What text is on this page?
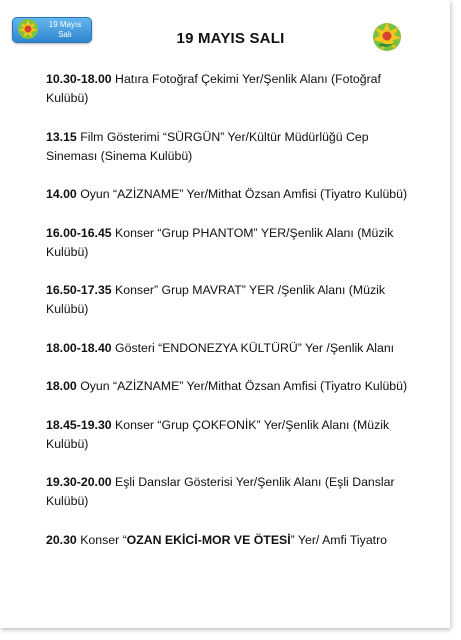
19 Mayıs
Salı	19 MAYIS SALI
10.30-18.00 Hatıra Fotoğraf Çekimi Yer/Şenlik Alanı (Fotoğraf Kulübü)
13.15 Film Gösterimi “SÜRGÜN” Yer/Kültür Müdürlüğü Cep Sineması (Sinema Kulübü)
14.00 Oyun “AZİZNAME” Yer/Mithat Özsan Amfisi (Tiyatro Kulübü)
16.00-16.45 Konser “Grup PHANTOM” YER/Şenlik Alanı (Müzik Kulübü)
16.50-17.35 Konser” Grup MAVRAT” YER /Şenlik Alanı (Müzik Kulübü)
18.00-18.40 Gösteri “ENDONEZYA KÜLTÜRÜ” Yer /Şenlik Alanı
18.00 Oyun “AZİZNAME” Yer/Mithat Özsan Amfisi (Tiyatro Kulübü)
18.45-19.30 Konser “Grup ÇOKFONİK” Yer/Şenlik Alanı (Müzik Kulübü)
19.30-20.00 Eşli Danslar Gösterisi Yer/Şenlik Alanı (Eşli Danslar Kulübü)
20.30 Konser “OZAN EKİCİ-MOR VE ÖTESİ” Yer/ Amfi Tiyatro
